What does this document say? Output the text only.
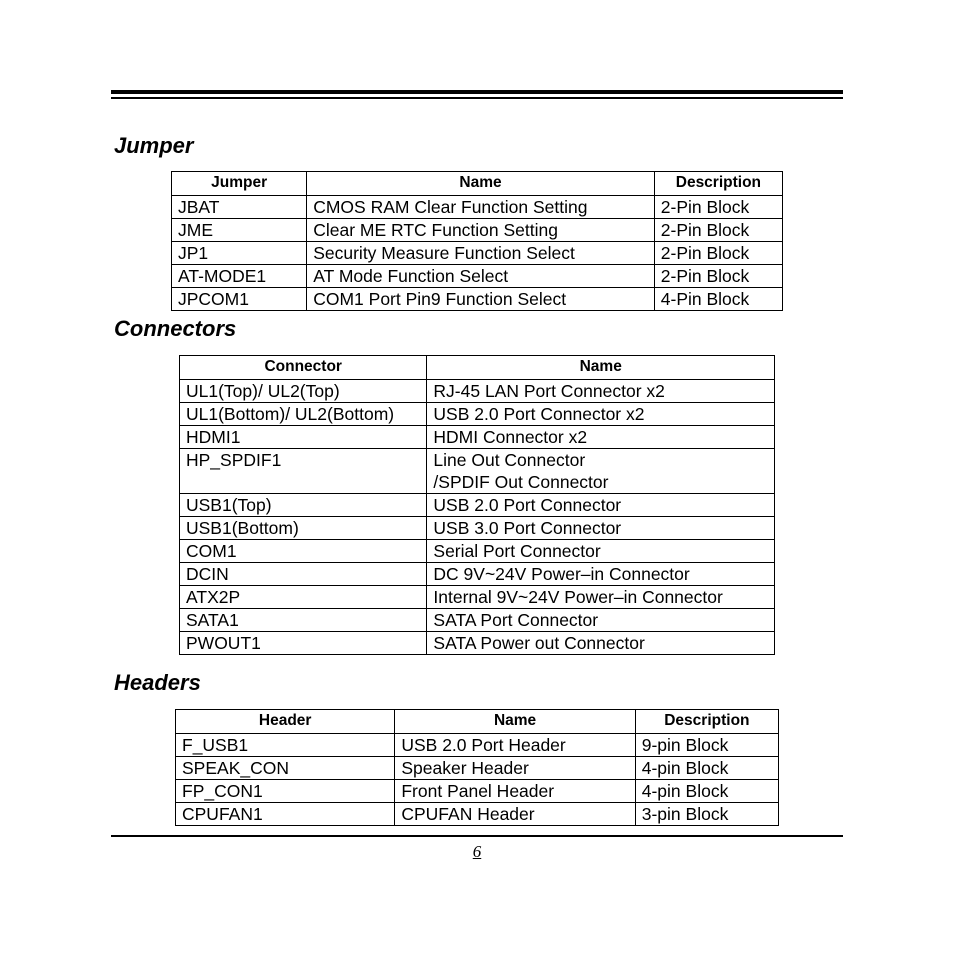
Jumper
Jumper	Name	Description
JBAT	CMOS RAM Clear Function Setting	2-Pin Block
JME	Clear ME RTC Function Setting	2-Pin Block
JP1	Security Measure Function Select	2-Pin Block
AT-MODE1	AT Mode Function Select	2-Pin Block
JPCOM1	COM1 Port Pin9 Function Select	4-Pin Block
Connectors
Connector	Name
UL1(Top)/ UL2(Top)	RJ-45 LAN Port Connector x2
UL1(Bottom)/ UL2(Bottom)	USB 2.0 Port Connector x2
HDMI1	HDMI Connector x2
HP_SPDIF1	Line Out Connector
/SPDIF Out Connector
USB1(Top)	USB 2.0 Port Connector
USB1(Bottom)	USB 3.0 Port Connector
COM1	Serial Port Connector
DCIN	DC 9V~24V Power–in Connector
ATX2P	Internal 9V~24V Power–in Connector
SATA1	SATA Port Connector
PWOUT1	SATA Power out Connector
Headers
Header	Name	Description
F_USB1	USB 2.0 Port Header	9-pin Block
SPEAK_CON	Speaker Header	4-pin Block
FP_CON1	Front Panel Header	4-pin Block
CPUFAN1	CPUFAN Header	3-pin Block
6
